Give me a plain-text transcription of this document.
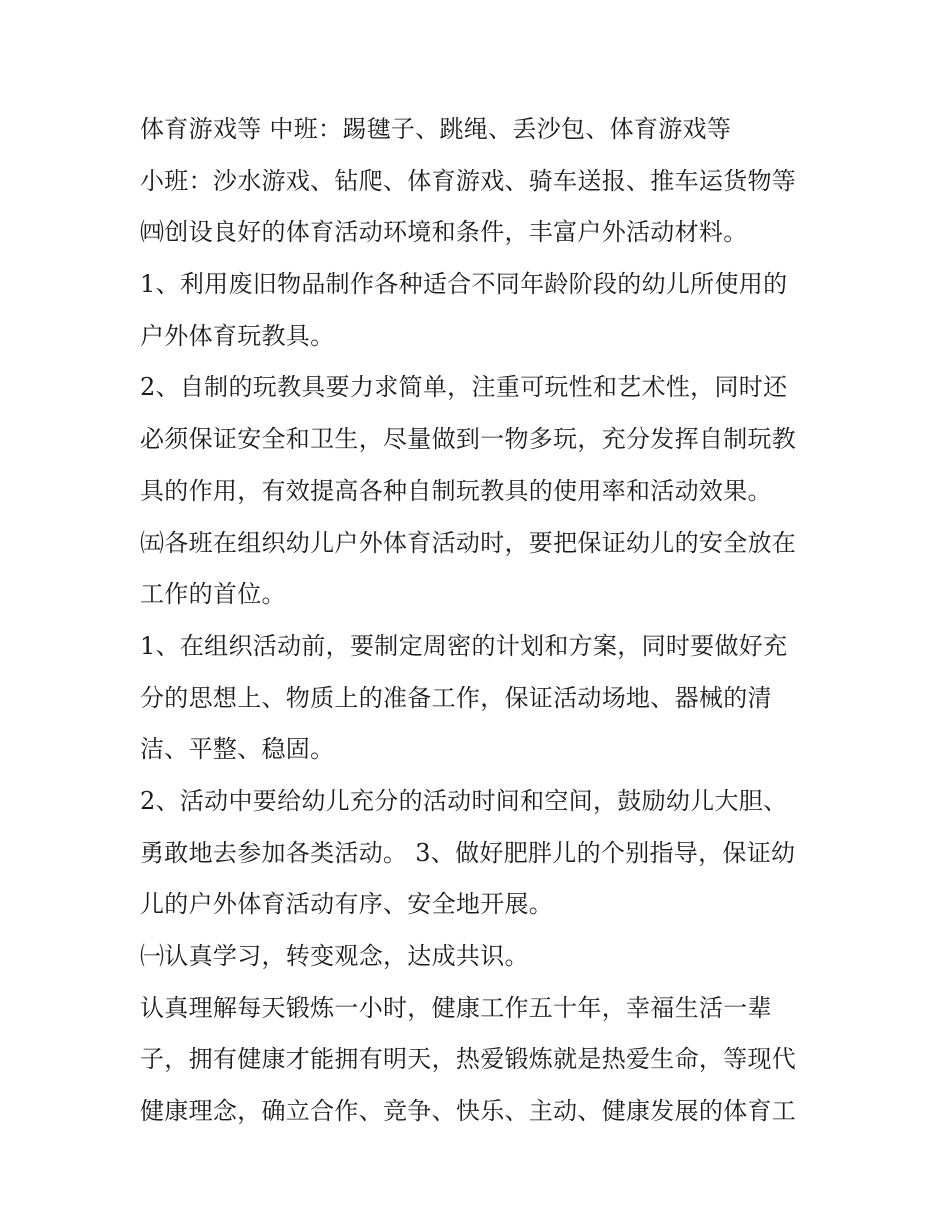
体育游戏等 中班：踢毽子、跳绳、丢沙包、体育游戏等
小班：沙水游戏、钻爬、体育游戏、骑车送报、推车运货物等
㈣创设良好的体育活动环境和条件，丰富户外活动材料。
1、利用废旧物品制作各种适合不同年龄阶段的幼儿所使用的
户外体育玩教具。
2、自制的玩教具要力求简单，注重可玩性和艺术性，同时还
必须保证安全和卫生，尽量做到一物多玩，充分发挥自制玩教
具的作用，有效提高各种自制玩教具的使用率和活动效果。
㈤各班在组织幼儿户外体育活动时，要把保证幼儿的安全放在
工作的首位。
1、在组织活动前，要制定周密的计划和方案，同时要做好充
分的思想上、物质上的准备工作，保证活动场地、器械的清
洁、平整、稳固。
2、活动中要给幼儿充分的活动时间和空间，鼓励幼儿大胆、
勇敢地去参加各类活动。 3、做好肥胖儿的个别指导，保证幼
儿的户外体育活动有序、安全地开展。
㈠认真学习，转变观念，达成共识。
认真理解每天锻炼一小时，健康工作五十年，幸福生活一辈
子，拥有健康才能拥有明天，热爱锻炼就是热爱生命，等现代
健康理念，确立合作、竞争、快乐、主动、健康发展的体育工
